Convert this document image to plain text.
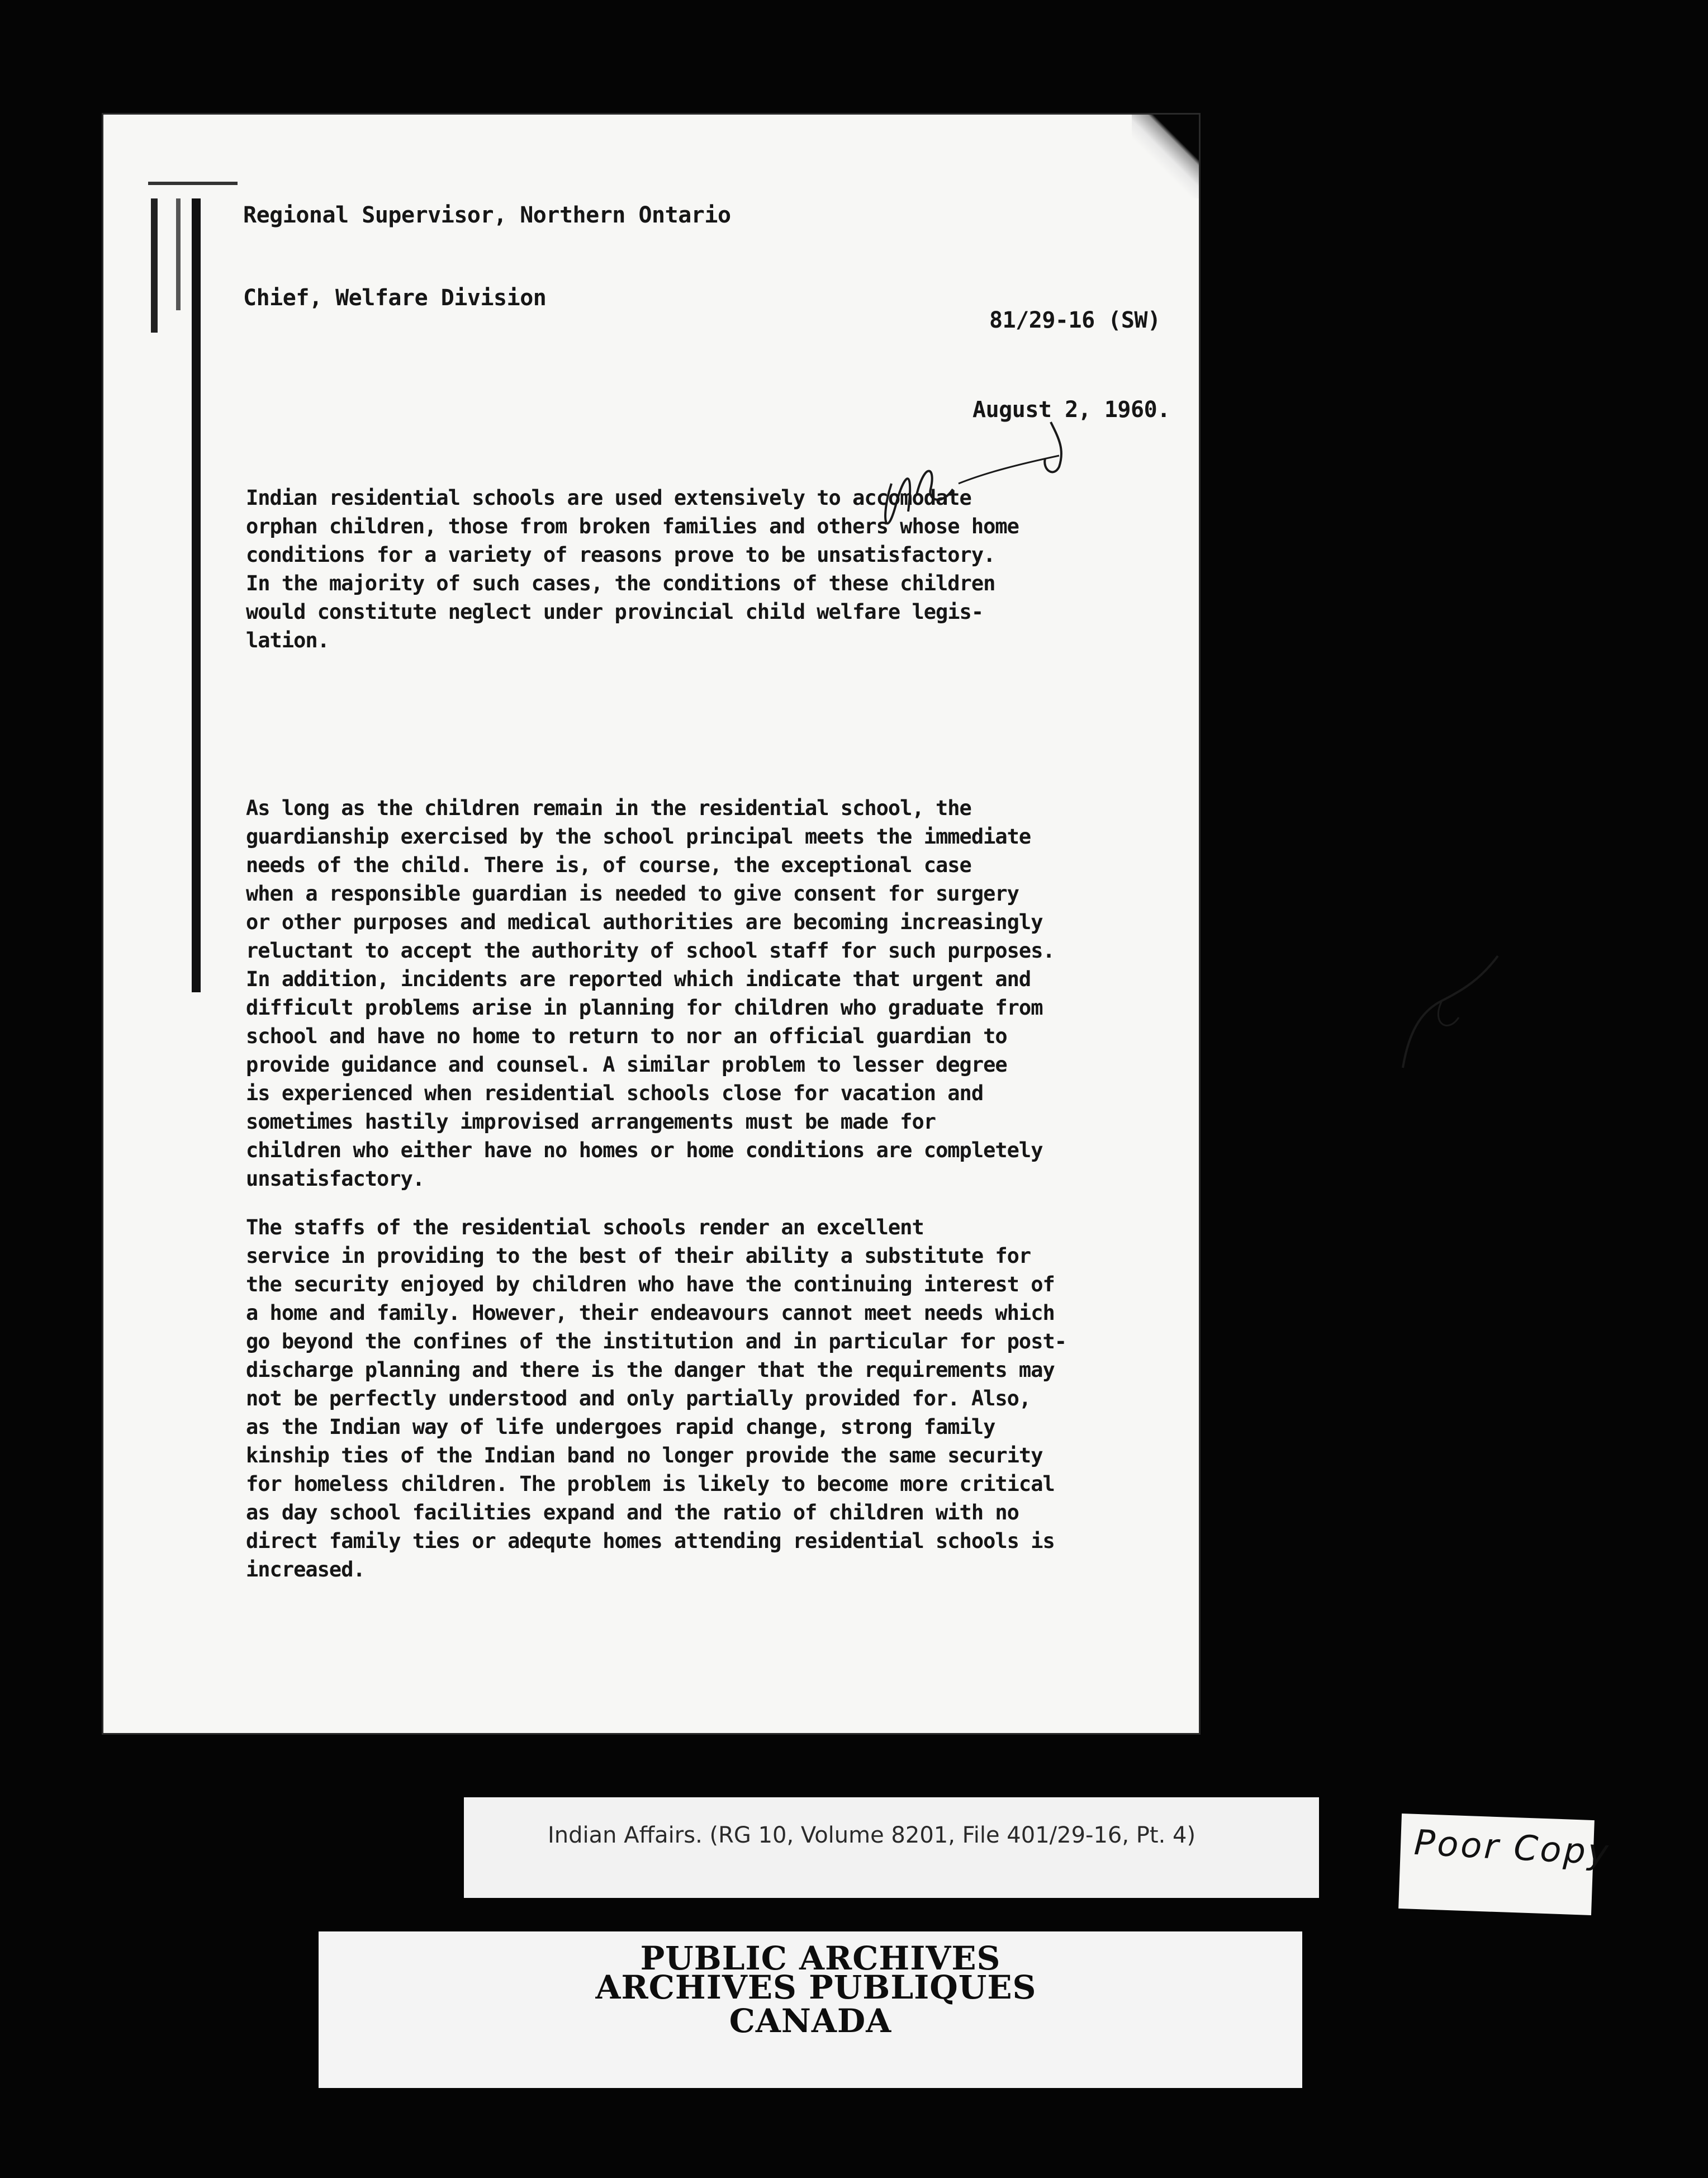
Regional Supervisor, Northern Ontario
Chief, Welfare Division
81/29-16 (SW)
August 2, 1960.

Indian residential schools are used extensively to accomodate
orphan children, those from broken families and others whose home
conditions for a variety of reasons prove to be unsatisfactory.
In the majority of such cases, the conditions of these children
would constitute neglect under provincial child welfare legis-
lation.

As long as the children remain in the residential school, the
guardianship exercised by the school principal meets the immediate
needs of the child. There is, of course, the exceptional case
when a responsible guardian is needed to give consent for surgery
or other purposes and medical authorities are becoming increasingly
reluctant to accept the authority of school staff for such purposes.
In addition, incidents are reported which indicate that urgent and
difficult problems arise in planning for children who graduate from
school and have no home to return to nor an official guardian to
provide guidance and counsel. A similar problem to lesser degree
is experienced when residential schools close for vacation and
sometimes hastily improvised arrangements must be made for
children who either have no homes or home conditions are completely
unsatisfactory.

The staffs of the residential schools render an excellent
service in providing to the best of their ability a substitute for
the security enjoyed by children who have the continuing interest of
a home and family. However, their endeavours cannot meet needs which
go beyond the confines of the institution and in particular for post-
discharge planning and there is the danger that the requirements may
not be perfectly understood and only partially provided for. Also,
as the Indian way of life undergoes rapid change, strong family
kinship ties of the Indian band no longer provide the same security
for homeless children. The problem is likely to become more critical
as day school facilities expand and the ratio of children with no
direct family ties or adequte homes attending residential schools is
increased.

Indian Affairs. (RG 10, Volume 8201, File 401/29-16, Pt. 4)
PUBLIC ARCHIVES
ARCHIVES PUBLIQUES
CANADA
Poor Copy
